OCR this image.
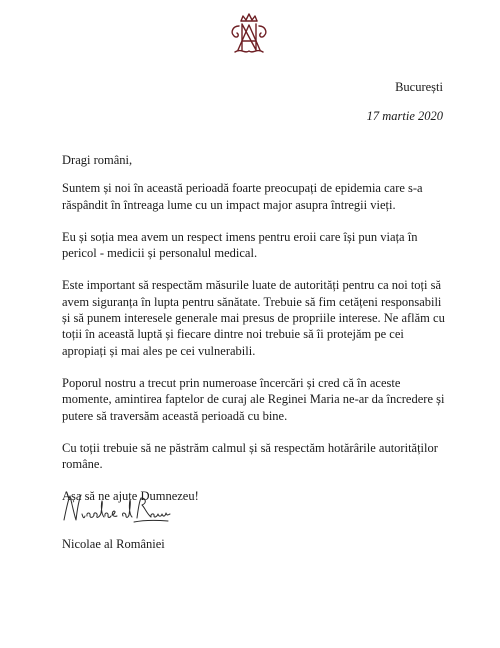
București
17 martie 2020

Dragi români,

Suntem și noi în această perioadă foarte preocupați de epidemia care s-a răspândit în întreaga lume cu un impact major asupra întregii vieți.

Eu și soția mea avem un respect imens pentru eroii care își pun viața în pericol - medicii și personalul medical.

Este important să respectăm măsurile luate de autorități pentru ca noi toți să avem siguranța în lupta pentru sănătate. Trebuie să fim cetățeni responsabili și să punem interesele generale mai presus de propriile interese. Ne aflăm cu toții în această luptă și fiecare dintre noi trebuie să îi protejăm pe cei apropiați și mai ales pe cei vulnerabili.

Poporul nostru a trecut prin numeroase încercări și cred că în aceste momente, amintirea faptelor de curaj ale Reginei Maria ne-ar da încredere și putere să traversăm această perioadă cu bine.

Cu toții trebuie să ne păstrăm calmul și să respectăm hotărârile autorităților române.

Așa să ne ajute Dumnezeu!

Nicolae al României
